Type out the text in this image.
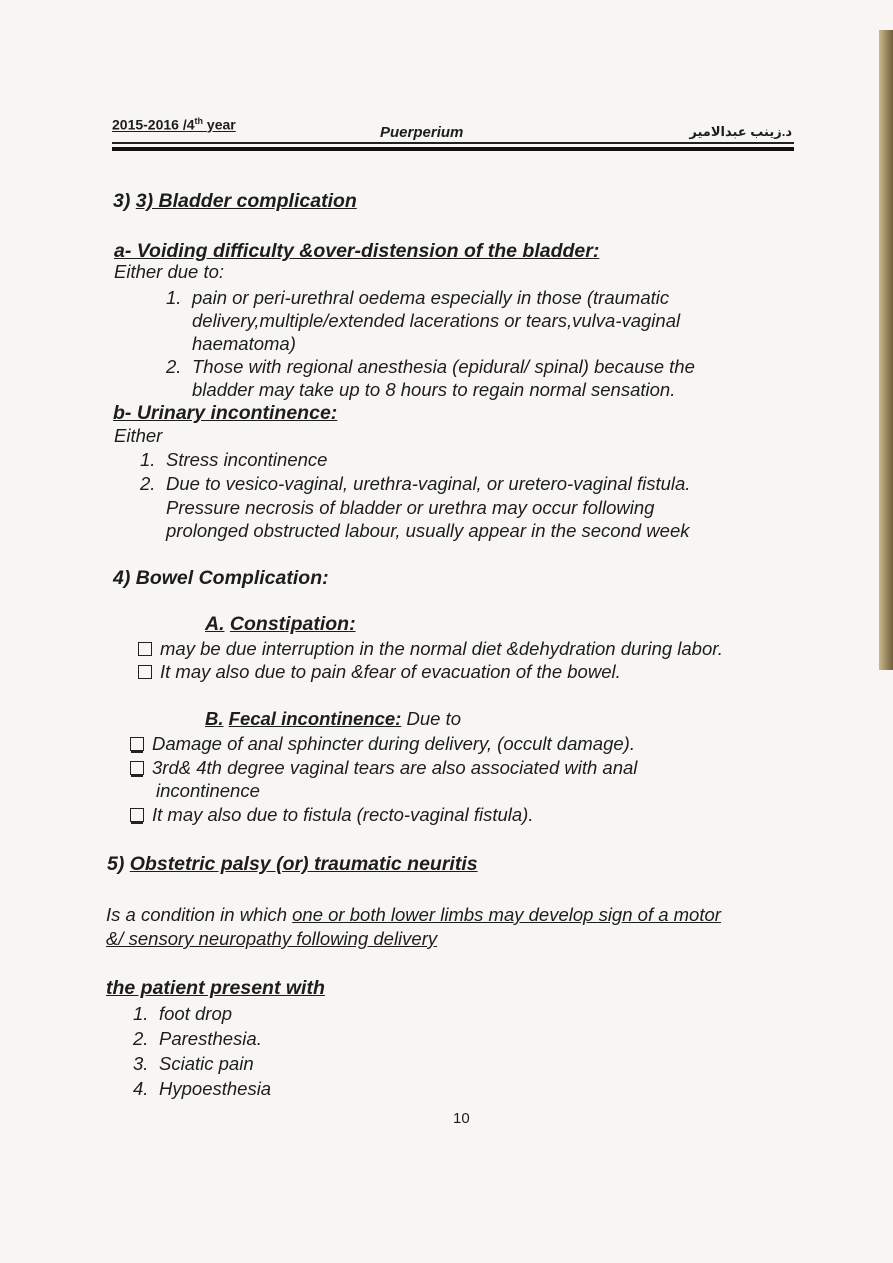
2015-2016 /4th year	Puerperium	د.زينب عبدالامير
3) 3) Bladder complication
a- Voiding difficulty &over-distension of the bladder:
Either due to:
1. pain or peri-urethral oedema especially in those (traumatic
delivery,multiple/extended lacerations or tears,vulva-vaginal
haematoma)
2. Those with regional anesthesia (epidural/ spinal) because the
bladder may take up to 8 hours to regain normal sensation.
b- Urinary incontinence:
Either
1. Stress incontinence
2. Due to vesico-vaginal, urethra-vaginal, or uretero-vaginal fistula.
Pressure necrosis of bladder or urethra may occur following
prolonged obstructed labour, usually appear in the second week
4) Bowel Complication:
A. Constipation:
may be due interruption in the normal diet &dehydration during labor.
It may also due to pain &fear of evacuation of the bowel.
B. Fecal incontinence: Due to
Damage of anal sphincter during delivery, (occult damage).
3rd& 4th degree vaginal tears are also associated with anal
incontinence
It may also due to fistula (recto-vaginal fistula).
5) Obstetric palsy (or) traumatic neuritis
Is a condition in which one or both lower limbs may develop sign of a motor
&/ sensory neuropathy following delivery
the patient present with
1. foot drop
2. Paresthesia.
3. Sciatic pain
4. Hypoesthesia
10
